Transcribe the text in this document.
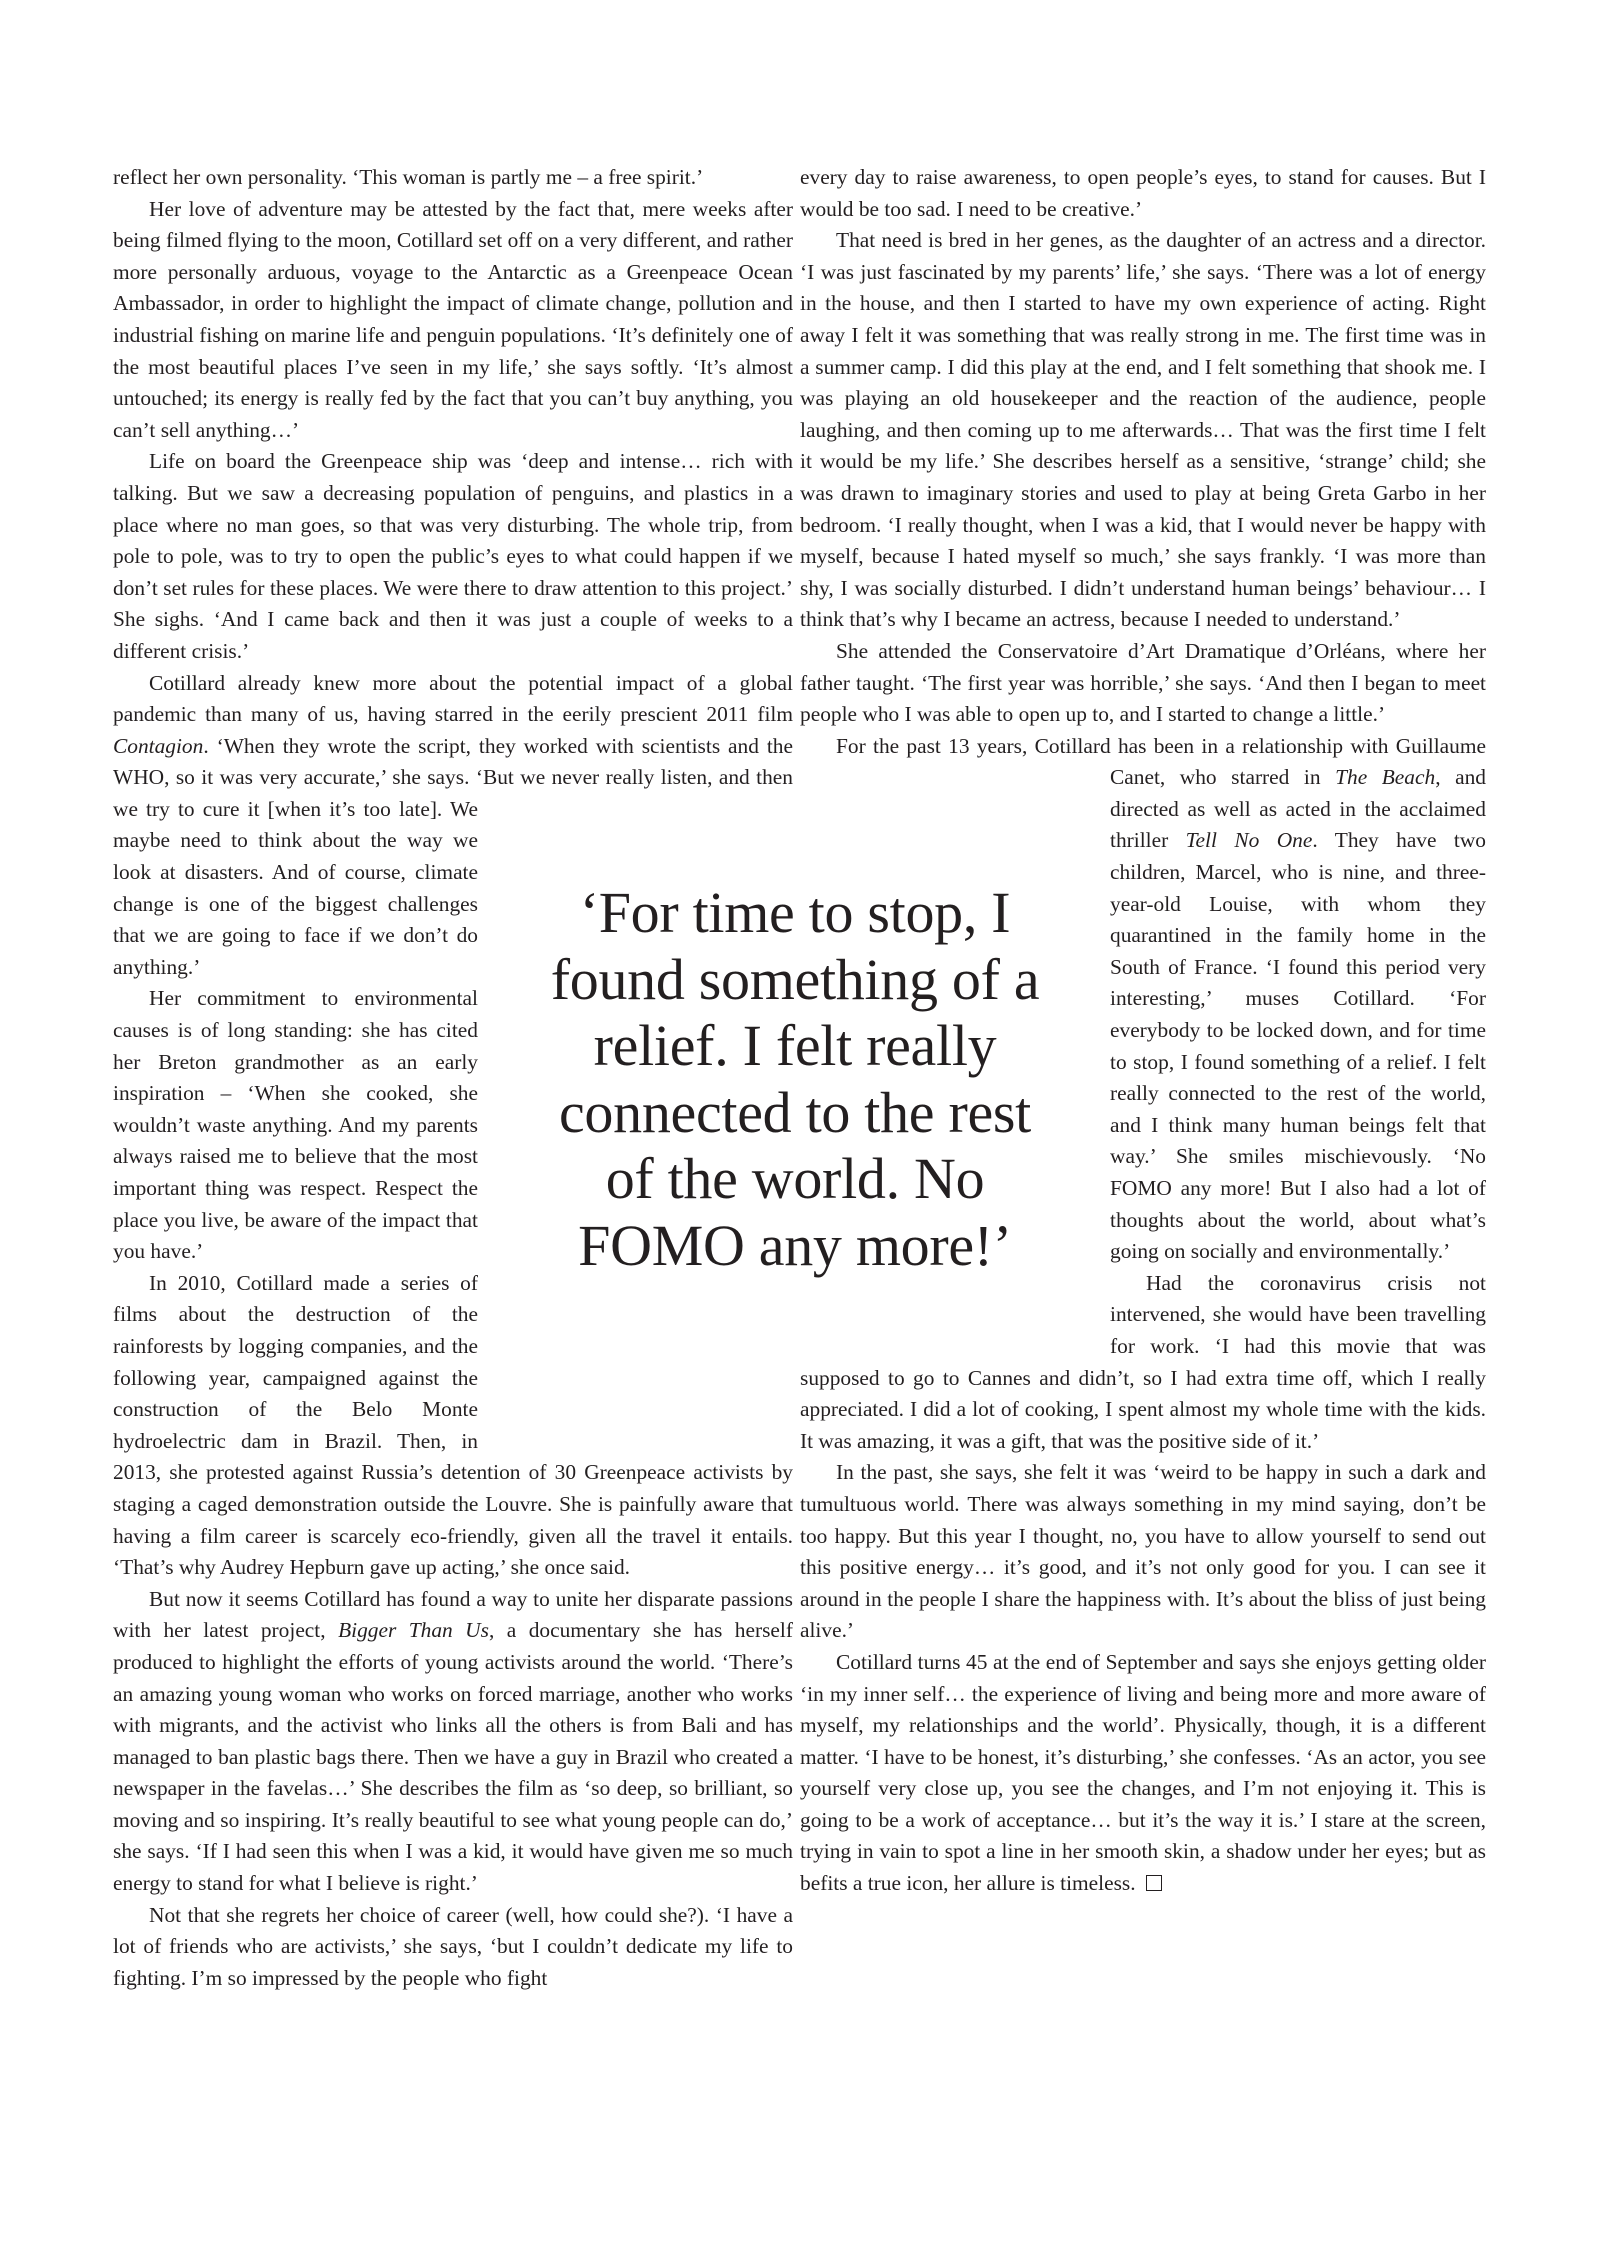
reflect her own personality. ‘This woman is partly me – a free spirit.’

Her love of adventure may be attested by the fact that, mere weeks after being filmed flying to the moon, Cotillard set off on a very different, and rather more personally arduous, voyage to the Antarctic as a Greenpeace Ocean Ambassador, in order to highlight the impact of climate change, pollution and industrial fishing on marine life and penguin populations. ‘It’s definitely one of the most beautiful places I’ve seen in my life,’ she says softly. ‘It’s almost untouched; its energy is really fed by the fact that you can’t buy anything, you can’t sell anything…’

Life on board the Greenpeace ship was ‘deep and intense… rich with talking. But we saw a decreasing population of penguins, and plastics in a place where no man goes, so that was very disturbing. The whole trip, from pole to pole, was to try to open the public’s eyes to what could happen if we don’t set rules for these places. We were there to draw attention to this project.’ She sighs. ‘And I came back and then it was just a couple of weeks to a different crisis.’

Cotillard already knew more about the potential impact of a global pandemic than many of us, having starred in the eerily prescient 2011 film Contagion. ‘When they wrote the script, they worked with scientists and the WHO, so it was very accurate,’ she says. ‘But we never really listen, and then we try to cure it [when it’s too late]. We maybe need to think about the way we look at disasters. And of course, climate change is one of the biggest challenges that we are going to face if we don’t do anything.’

Her commitment to environmental causes is of long standing: she has cited her Breton grandmother as an early inspiration – ‘When she cooked, she wouldn’t waste anything. And my parents always raised me to believe that the most important thing was respect. Respect the place you live, be aware of the impact that you have.’

In 2010, Cotillard made a series of films about the destruction of the rainforests by logging companies, and the following year, campaigned against the construction of the Belo Monte hydroelectric dam in Brazil. Then, in 2013, she protested against Russia’s detention of 30 Greenpeace activists by staging a caged demonstration outside the Louvre. She is painfully aware that having a film career is scarcely eco-friendly, given all the travel it entails. ‘That’s why Audrey Hepburn gave up acting,’ she once said.

But now it seems Cotillard has found a way to unite her disparate passions with her latest project, Bigger Than Us, a documentary she has herself produced to highlight the efforts of young activists around the world. ‘There’s an amazing young woman who works on forced marriage, another who works with migrants, and the activist who links all the others is from Bali and has managed to ban plastic bags there. Then we have a guy in Brazil who created a newspaper in the favelas…’ She describes the film as ‘so deep, so brilliant, so moving and so inspiring. It’s really beautiful to see what young people can do,’ she says. ‘If I had seen this when I was a kid, it would have given me so much energy to stand for what I believe is right.’

Not that she regrets her choice of career (well, how could she?). ‘I have a lot of friends who are activists,’ she says, ‘but I couldn’t dedicate my life to fighting. I’m so impressed by the people who fight

every day to raise awareness, to open people’s eyes, to stand for causes. But I would be too sad. I need to be creative.’

That need is bred in her genes, as the daughter of an actress and a director. ‘I was just fascinated by my parents’ life,’ she says. ‘There was a lot of energy in the house, and then I started to have my own experience of acting. Right away I felt it was something that was really strong in me. The first time was in a summer camp. I did this play at the end, and I felt something that shook me. I was playing an old housekeeper and the reaction of the audience, people laughing, and then coming up to me afterwards… That was the first time I felt it would be my life.’ She describes herself as a sensitive, ‘strange’ child; she was drawn to imaginary stories and used to play at being Greta Garbo in her bedroom. ‘I really thought, when I was a kid, that I would never be happy with myself, because I hated myself so much,’ she says frankly. ‘I was more than shy, I was socially disturbed. I didn’t understand human beings’ behaviour… I think that’s why I became an actress, because I needed to understand.’

She attended the Conservatoire d’Art Dramatique d’Orléans, where her father taught. ‘The first year was horrible,’ she says. ‘And then I began to meet people who I was able to open up to, and I started to change a little.’

For the past 13 years, Cotillard has been in a relationship with Guillaume Canet, who starred in The Beach, and directed as well as acted in the acclaimed thriller Tell No One. They have two children, Marcel, who is nine, and three-year-old Louise, with whom they quarantined in the family home in the South of France. ‘I found this period very interesting,’ muses Cotillard. ‘For everybody to be locked down, and for time to stop, I found something of a relief. I felt really connected to the rest of the world, and I think many human beings felt that way.’ She smiles mischievously. ‘No FOMO any more! But I also had a lot of thoughts about the world, about what’s going on socially and environmentally.’

Had the coronavirus crisis not intervened, she would have been travelling for work. ‘I had this movie that was supposed to go to Cannes and didn’t, so I had extra time off, which I really appreciated. I did a lot of cooking, I spent almost my whole time with the kids. It was amazing, it was a gift, that was the positive side of it.’

In the past, she says, she felt it was ‘weird to be happy in such a dark and tumultuous world. There was always something in my mind saying, don’t be too happy. But this year I thought, no, you have to allow yourself to send out this positive energy… it’s good, and it’s not only good for you. I can see it around in the people I share the happiness with. It’s about the bliss of just being alive.’

Cotillard turns 45 at the end of September and says she enjoys getting older ‘in my inner self… the experience of living and being more and more aware of myself, my relationships and the world’. Physically, though, it is a different matter. ‘I have to be honest, it’s disturbing,’ she confesses. ‘As an actor, you see yourself very close up, you see the changes, and I’m not enjoying it. This is going to be a work of acceptance… but it’s the way it is.’ I stare at the screen, trying in vain to spot a line in her smooth skin, a shadow under her eyes; but as befits a true icon, her allure is timeless.

‘For time to stop, I found something of a relief. I felt really connected to the rest of the world. No FOMO any more!’
